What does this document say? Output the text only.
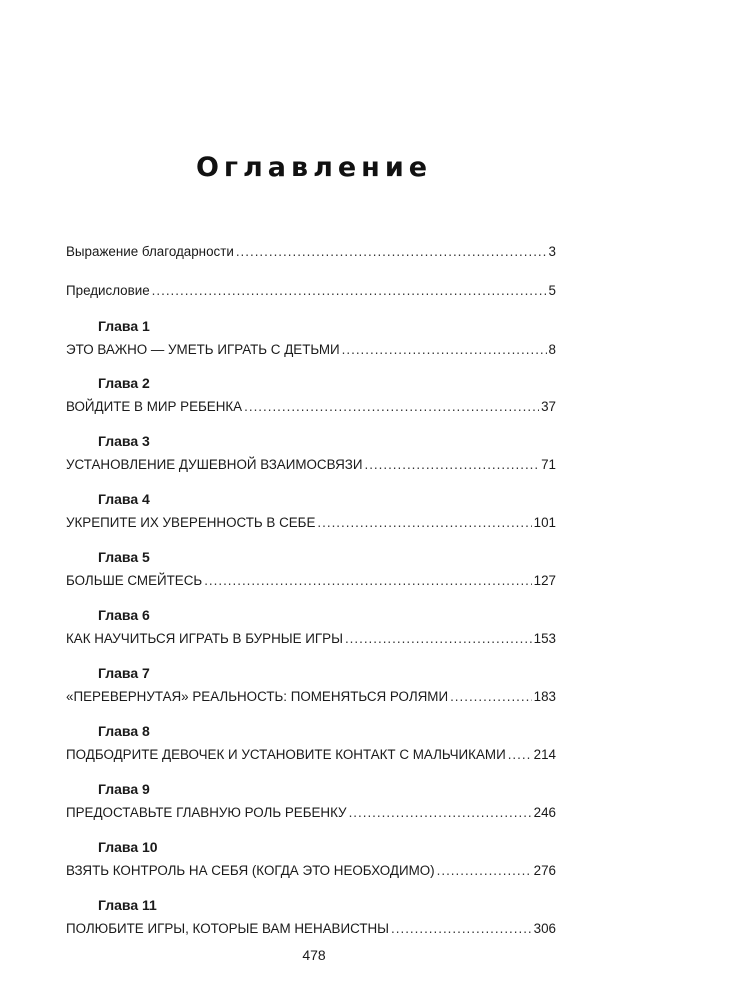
Оглавление
Выражение благодарности .....	3
Предисловие .....	5
Глава 1
ЭТО ВАЖНО — УМЕТЬ ИГРАТЬ С ДЕТЬМИ .....	8
Глава 2
ВОЙДИТЕ В МИР РЕБЕНКА .....	37
Глава 3
УСТАНОВЛЕНИЕ ДУШЕВНОЙ ВЗАИМОСВЯЗИ .....	71
Глава 4
УКРЕПИТЕ ИХ УВЕРЕННОСТЬ В СЕБЕ .....	101
Глава 5
БОЛЬШЕ СМЕЙТЕСЬ .....	127
Глава 6
КАК НАУЧИТЬСЯ ИГРАТЬ В БУРНЫЕ ИГРЫ .....	153
Глава 7
«ПЕРЕВЕРНУТАЯ» РЕАЛЬНОСТЬ: ПОМЕНЯТЬСЯ РОЛЯМИ .....	183
Глава 8
ПОДБОДРИТЕ ДЕВОЧЕК И УСТАНОВИТЕ КОНТАКТ С МАЛЬЧИКАМИ ..... 214
Глава 9
ПРЕДОСТАВЬТЕ ГЛАВНУЮ РОЛЬ РЕБЕНКУ .....	246
Глава 10
ВЗЯТЬ КОНТРОЛЬ НА СЕБЯ (КОГДА ЭТО НЕОБХОДИМО) .....	276
Глава 11
ПОЛЮБИТЕ ИГРЫ, КОТОРЫЕ ВАМ НЕНАВИСТНЫ .....	306
478
